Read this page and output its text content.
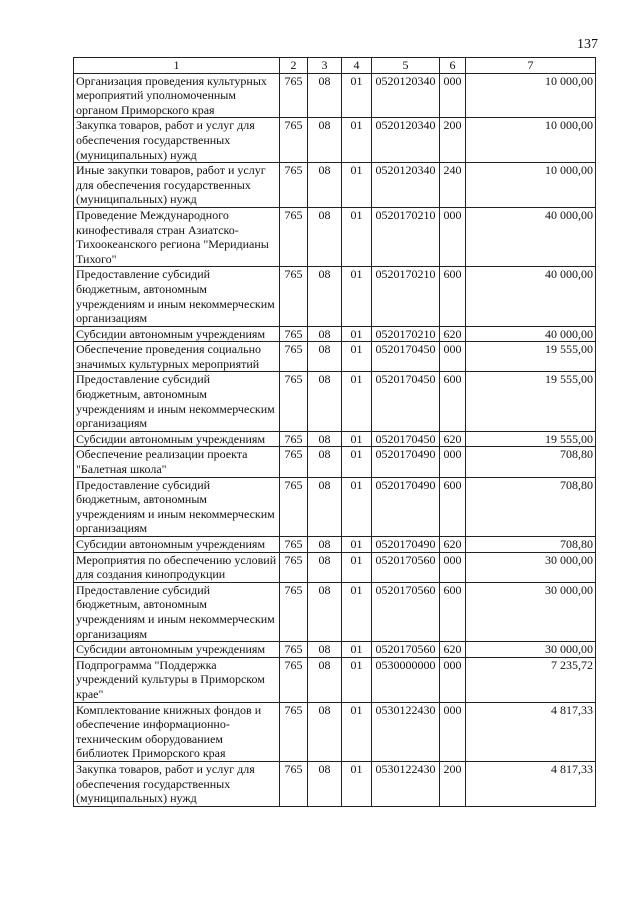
137
1	2	3	4	5	6	7
Организация проведения культурных мероприятий уполномоченным органом Приморского края	765	08	01	0520120340	000	10 000,00
Закупка товаров, работ и услуг для обеспечения государственных (муниципальных) нужд	765	08	01	0520120340	200	10 000,00
Иные закупки товаров, работ и услуг для обеспечения государственных (муниципальных) нужд	765	08	01	0520120340	240	10 000,00
Проведение Международного кинофестиваля стран Азиатско-Тихоокеанского региона "Меридианы Тихого"	765	08	01	0520170210	000	40 000,00
Предоставление субсидий бюджетным, автономным учреждениям и иным некоммерческим организациям	765	08	01	0520170210	600	40 000,00
Субсидии автономным учреждениям	765	08	01	0520170210	620	40 000,00
Обеспечение проведения социально значимых культурных мероприятий	765	08	01	0520170450	000	19 555,00
Предоставление субсидий бюджетным, автономным учреждениям и иным некоммерческим организациям	765	08	01	0520170450	600	19 555,00
Субсидии автономным учреждениям	765	08	01	0520170450	620	19 555,00
Обеспечение реализации проекта "Балетная школа"	765	08	01	0520170490	000	708,80
Предоставление субсидий бюджетным, автономным учреждениям и иным некоммерческим организациям	765	08	01	0520170490	600	708,80
Субсидии автономным учреждениям	765	08	01	0520170490	620	708,80
Мероприятия по обеспечению условий для создания кинопродукции	765	08	01	0520170560	000	30 000,00
Предоставление субсидий бюджетным, автономным учреждениям и иным некоммерческим организациям	765	08	01	0520170560	600	30 000,00
Субсидии автономным учреждениям	765	08	01	0520170560	620	30 000,00
Подпрограмма "Поддержка учреждений культуры в Приморском крае"	765	08	01	0530000000	000	7 235,72
Комплектование книжных фондов и обеспечение информационно-техническим оборудованием библиотек Приморского края	765	08	01	0530122430	000	4 817,33
Закупка товаров, работ и услуг для обеспечения государственных (муниципальных) нужд	765	08	01	0530122430	200	4 817,33
